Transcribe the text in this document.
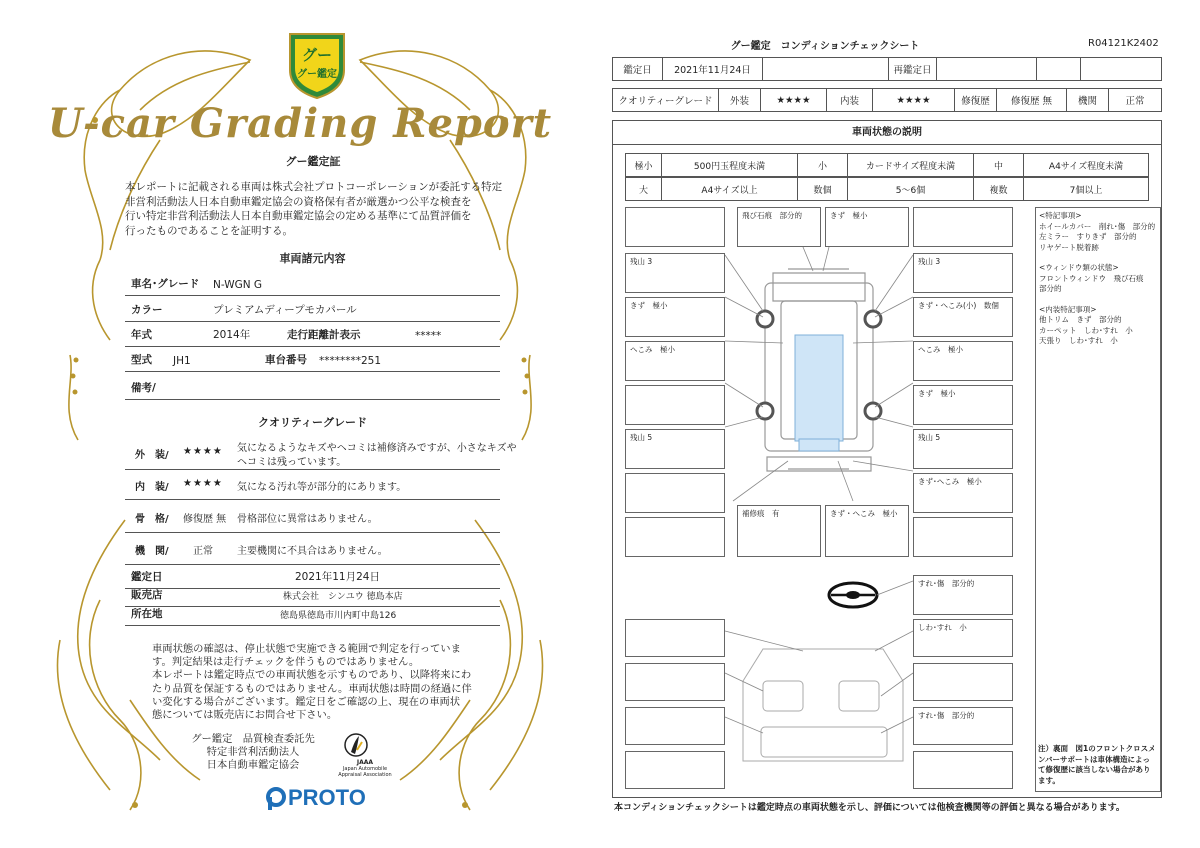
グー
グー鑑定
U-car Grading Report
グー鑑定証
本レポートに記載される車両は株式会社プロトコーポレーションが委託する特定
非営利活動法人日本自動車鑑定協会の資格保有者が厳選かつ公平な検査を
行い特定非営利活動法人日本自動車鑑定協会の定める基準にて品質評価を
行ったものであることを証明する。
車両諸元内容
車名･グレード N-WGN G
カラー	プレミアムディープモカパール
年式	2014年	走行距離計表示	*****
型式 JH1	車台番号 ********251
備考/
クオリティーグレード
外　装/ ★★★★ 気になるようなキズやヘコミは補修済みですが、小さなキズや
ヘコミは残っています。
内　装/ ★★★★ 気になる汚れ等が部分的にあります。
骨　格/ 修復歴 無 骨格部位に異常はありません。
機　関/ 正常 主要機関に不具合はありません。
鑑定日	2021年11月24日
販売店	株式会社　シンユウ 徳島本店
所在地	徳島県徳島市川内町中島126
車両状態の確認は、停止状態で実施できる範囲で判定を行っていま
す。判定結果は走行チェックを伴うものではありません。
本レポートは鑑定時点での車両状態を示すものであり、以降将来にわ
たり品質を保証するものではありません。車両状態は時間の経過に伴
い変化する場合がございます。鑑定日をご確認の上、現在の車両状
態については販売店にお問合せ下さい。
グー鑑定　品質検査委託先
特定非営利活動法人
日本自動車鑑定協会	JAAA
Japan Automobile Appraisal Association
PROTO
グー鑑定　コンディションチェックシート	R04121K2402
鑑定日	2021年11月24日	再鑑定日
クオリティーグレード	外装	★★★★	内装	★★★★	修復歴	修復歴 無	機関	正常
車両状態の説明
極小	500円玉程度未満	小	カードサイズ程度未満	中	A4サイズ程度未満
大	A4サイズ以上	数個	5～6個	複数	7個以上
飛び石痕　部分的	きず　極小
残山 3
きず　極小
へこみ　極小
残山 5
補修痕　有	きず・へこみ　極小
残山 3
きず・へこみ(小)　数個
へこみ　極小
きず　極小
残山 5
きず･へこみ　極小
すれ･傷　部分的
しわ･すれ　小
すれ･傷　部分的
<特記事項>
ホイールカバー　削れ･傷　部分的
左ミラー　すりきず　部分的
リヤゲート脱着跡
<ウィンドウ類の状態>
フロントウィンドウ　飛び石痕
部分的
<内装特記事項>
他トリム　きず　部分的
カーペット　しわ･すれ　小
天張り　しわ･すれ　小
注）裏面　図1のフロントクロスメ
ンバーサポートは車体構造によっ
て修復歴に該当しない場合があり
ます。
本コンディションチェックシートは鑑定時点の車両状態を示し、評価については他検査機関等の評価と異なる場合があります。
